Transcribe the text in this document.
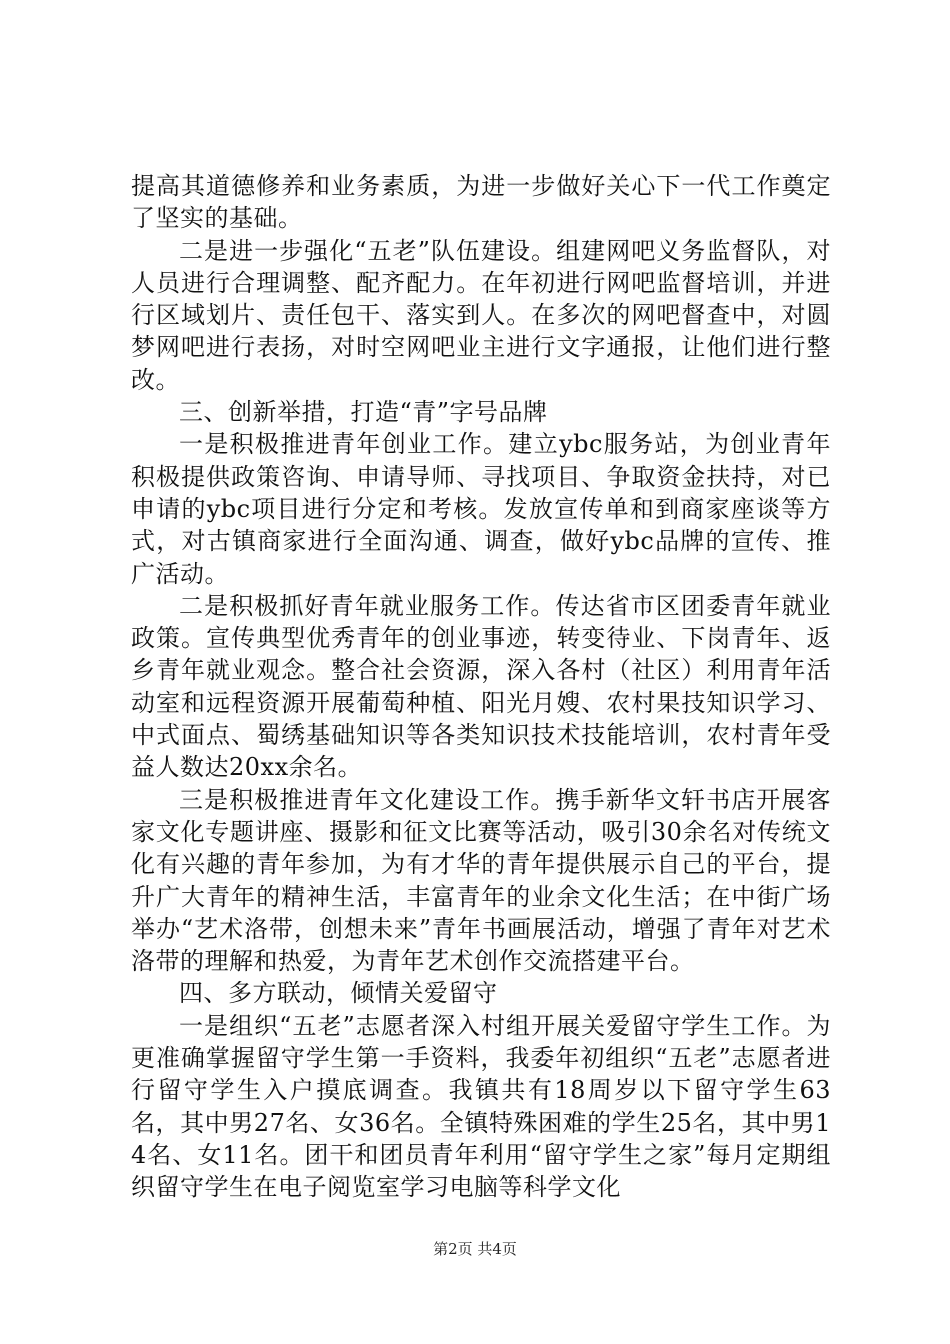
提高其道德修养和业务素质，为进一步做好关心下一代工作奠定了坚实的基础。

二是进一步强化“五老”队伍建设。组建网吧义务监督队，对人员进行合理调整、配齐配力。在年初进行网吧监督培训，并进行区域划片、责任包干、落实到人。在多次的网吧督查中，对圆梦网吧进行表扬，对时空网吧业主进行文字通报，让他们进行整改。

三、创新举措，打造“青”字号品牌

一是积极推进青年创业工作。建立ybc服务站，为创业青年积极提供政策咨询、申请导师、寻找项目、争取资金扶持，对已申请的ybc项目进行分定和考核。发放宣传单和到商家座谈等方式，对古镇商家进行全面沟通、调查，做好ybc品牌的宣传、推广活动。

二是积极抓好青年就业服务工作。传达省市区团委青年就业政策。宣传典型优秀青年的创业事迹，转变待业、下岗青年、返乡青年就业观念。整合社会资源，深入各村（社区）利用青年活动室和远程资源开展葡萄种植、阳光月嫂、农村果技知识学习、中式面点、蜀绣基础知识等各类知识技术技能培训，农村青年受益人数达20xx余名。

三是积极推进青年文化建设工作。携手新华文轩书店开展客家文化专题讲座、摄影和征文比赛等活动，吸引30余名对传统文化有兴趣的青年参加，为有才华的青年提供展示自己的平台，提升广大青年的精神生活，丰富青年的业余文化生活；在中街广场举办“艺术洛带，创想未来”青年书画展活动，增强了青年对艺术洛带的理解和热爱，为青年艺术创作交流搭建平台。

四、多方联动，倾情关爱留守

一是组织“五老”志愿者深入村组开展关爱留守学生工作。为更准确掌握留守学生第一手资料，我委年初组织“五老”志愿者进行留守学生入户摸底调查。我镇共有18周岁以下留守学生63名，其中男27名、女36名。全镇特殊困难的学生25名，其中男14名、女11名。团干和团员青年利用“留守学生之家”每月定期组织留守学生在电子阅览室学习电脑等科学文化

第2页 共4页
